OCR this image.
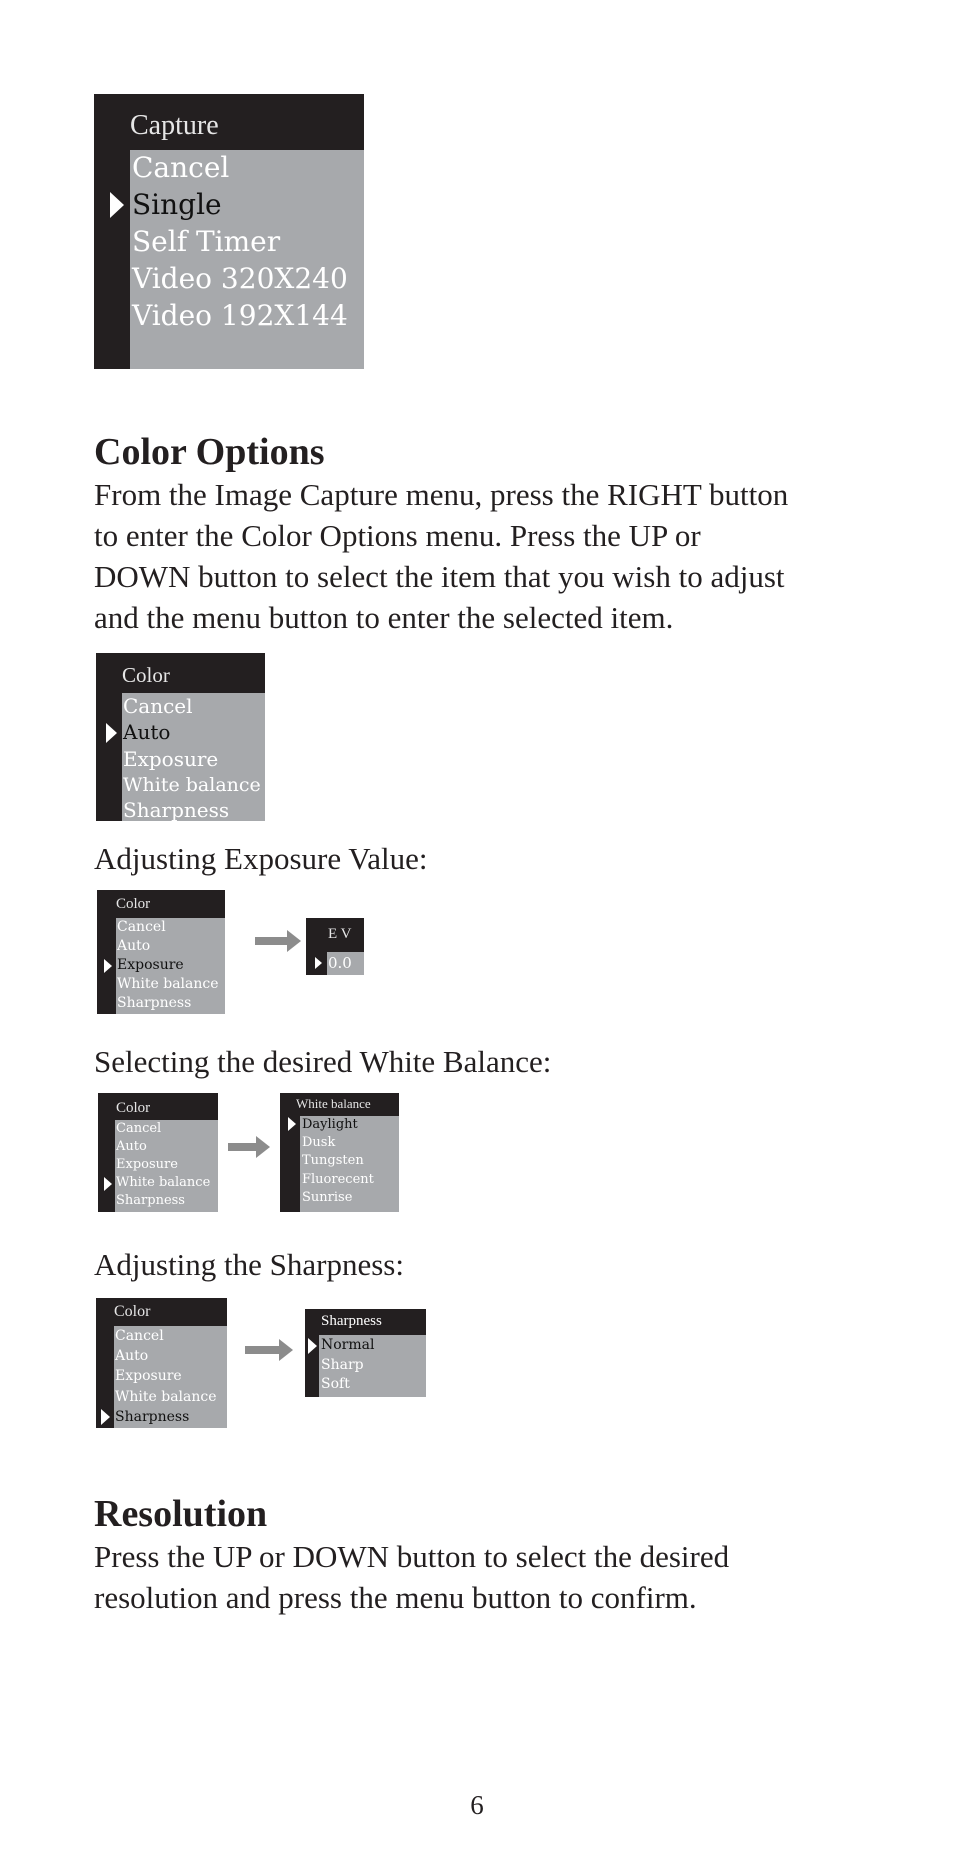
Capture
Cancel
Single
Self Timer
Video 320X240
Video 192X144
Color Options
From the Image Capture menu, press the RIGHT button
to enter the Color Options menu. Press the UP or
DOWN button to select the item that you wish to adjust
and the menu button to enter the selected item.
Color
Cancel
Auto
Exposure
White balance
Sharpness
Adjusting Exposure Value:
Color
Cancel
Auto
Exposure
White balance
Sharpness
E V
0.0
Selecting the desired White Balance:
Color
Cancel
Auto
Exposure
White balance
Sharpness
White balance
Daylight
Dusk
Tungsten
Fluorecent
Sunrise
Adjusting the Sharpness:
Color
Cancel
Auto
Exposure
White balance
Sharpness
Sharpness
Normal
Sharp
Soft
Resolution
Press the UP or DOWN button to select the desired
resolution and press the menu button to confirm.
6
